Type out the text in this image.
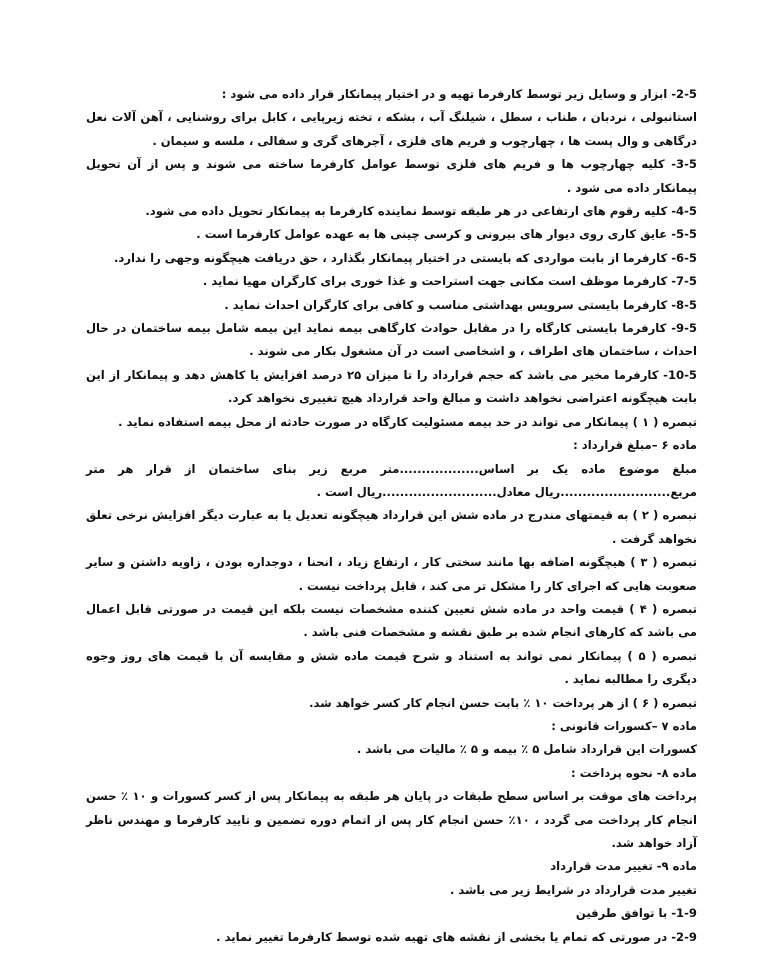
2-5- ابزار و وسایل زیر توسط کارفرما تهیه و در اختیار پیمانکار قرار داده می شود :

استانبولی ، نردبان ، طناب ، سطل ، شیلنگ آب ، بشکه ، تخته زیرپایی ، کابل برای روشنایی ، آهن آلات نعل درگاهی و وال پست ها ، چهارچوب و فریم های فلزی ، آجرهای گری و سفالی ، ملسه و سیمان .

3-5- کلیه چهارچوب ها و فریم های فلزی توسط عوامل کارفرما ساخته می شوند و پس از آن تحویل پیمانکار داده می شود .

4-5- کلیه رقوم های ارتفاعی در هر طبقه توسط نماینده کارفرما به پیمانکار تحویل داده می شود.

5-5- عایق کاری روی دیوار های بیرونی و کرسی چینی ها به عهده عوامل کارفرما است .

6-5- کارفرما از بابت مواردی که بایستی در اختیار پیمانکار بگذارد ، حق دریافت هیچگونه وجهی را ندارد.

7-5- کارفرما موظف است مکانی جهت استراحت و غذا خوری برای کارگران مهیا نماید .

8-5- کارفرما بایستی سرویس بهداشتی مناسب و کافی برای کارگران احداث نماید .

9-5- کارفرما بایستی کارگاه را در مقابل حوادث کارگاهی بیمه نماید این بیمه شامل بیمه ساختمان در حال احداث ، ساختمان های اطراف ، و اشخاصی است در آن مشغول بکار می شوند .

10-5- کارفرما مخیر می باشد که حجم قرارداد را تا میزان ۲۵ درصد افزایش یا کاهش دهد و پیمانکار از این بابت هیچگونه اعتراضی نخواهد داشت و مبالغ واحد قرارداد هیچ تغییری نخواهد کرد.

تبصره ( ۱ ) پیمانکار می تواند در حد بیمه مسئولیت کارگاه در صورت حادثه از محل بیمه استفاده نماید .

ماده ۶ –مبلغ قرارداد :

مبلغ موضوع ماده یک بر اساس..................متر مربع زیر بنای ساختمان از قرار هر متر مربع.........................ریال معادل..........................ریال است .

تبصره ( ۲ ) به قیمتهای مندرج در ماده شش این قرارداد هیچگونه تعدیل یا به عبارت دیگر افزایش نرخی تعلق نخواهد گرفت .

تبصره ( ۳ ) هیچگونه اضافه بها مانند سختی کار ، ارتفاع زیاد ، انحنا ، دوجداره بودن ، زاویه داشتن و سایر صعوبت هایی که اجرای کار را مشکل تر می کند ، قابل پرداخت نیست .

تبصره ( ۴ ) قیمت واحد در ماده شش تعیین کننده مشخصات نیست بلکه این قیمت در صورتی قابل اعمال می باشد که کارهای انجام شده بر طبق نقشه و مشخصات فنی باشد .

تبصره ( ۵ ) پیمانکار نمی تواند به استناد و شرح قیمت ماده شش و مقایسه آن با قیمت های روز وجوه دیگری را مطالبه نماید .

تبصره ( ۶ ) از هر پرداخت ۱۰ ٪ بابت حسن انجام کار کسر خواهد شد.

ماده ۷ –کسورات قانونی :

کسورات این قرارداد شامل ۵ ٪ بیمه و ۵ ٪ مالیات می باشد .

ماده ۸- نحوه پرداخت :

پرداخت های موقت بر اساس سطح طبقات در پایان هر طبقه به پیمانکار پس از کسر کسورات و ۱۰ ٪ حسن انجام کار پرداخت می گردد ، ۱۰٪ حسن انجام کار پس از اتمام دوره تضمین و تایید کارفرما و مهندس ناظر آزاد خواهد شد.

ماده ۹- تغییر مدت قرارداد

تغییر مدت قرارداد در شرایط زیر می باشد .

1-9- با توافق طرفین

2-9- در صورتی که تمام یا بخشی از نقشه های تهیه شده توسط کارفرما تغییر نماید .
